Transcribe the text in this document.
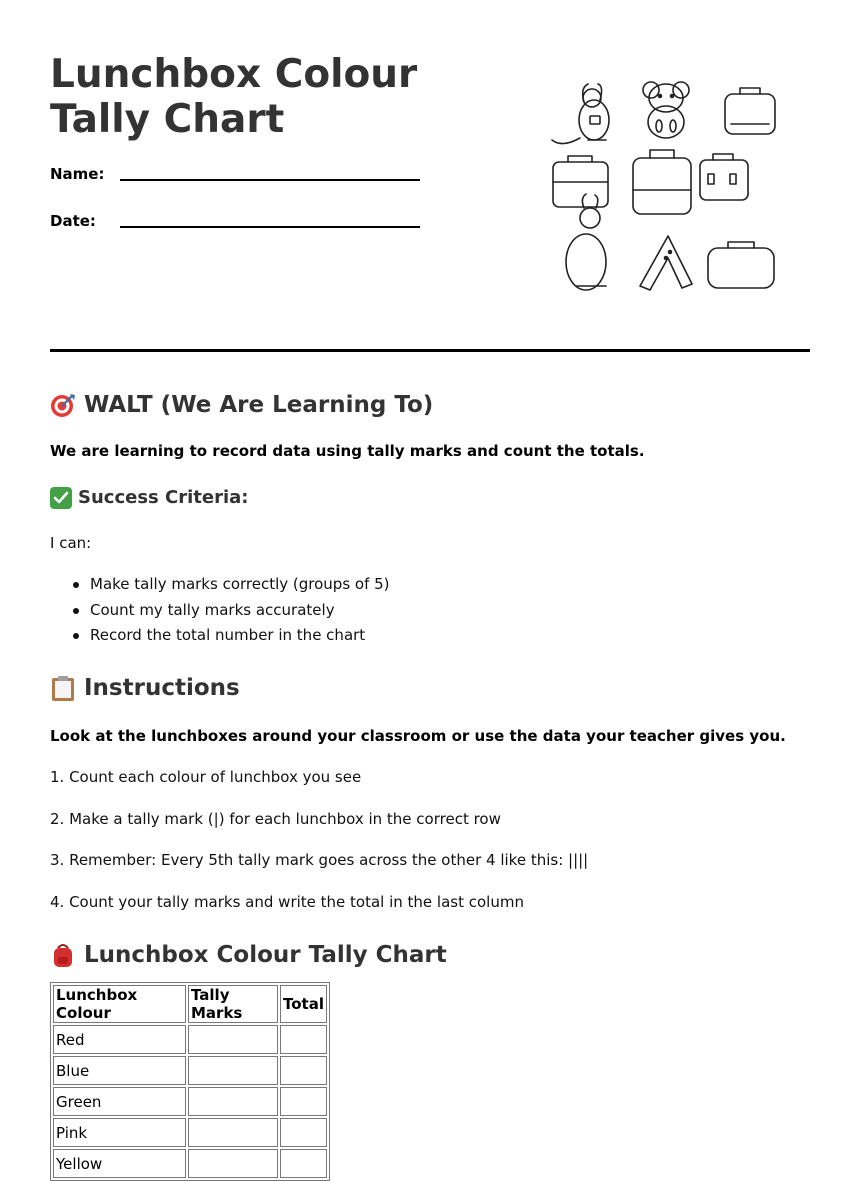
Lunchbox Colour Tally Chart
Name:
Date:
WALT (We Are Learning To)
We are learning to record data using tally marks and count the totals.
Success Criteria:
I can:
Make tally marks correctly (groups of 5)
Count my tally marks accurately
Record the total number in the chart
Instructions
Look at the lunchboxes around your classroom or use the data your teacher gives you.
1. Count each colour of lunchbox you see
2. Make a tally mark (|) for each lunchbox in the correct row
3. Remember: Every 5th tally mark goes across the other 4 like this: ||||
4. Count your tally marks and write the total in the last column
Lunchbox Colour Tally Chart
Lunchbox Colour	Tally Marks	Total
Red		
Blue		
Green		
Pink		
Yellow		
